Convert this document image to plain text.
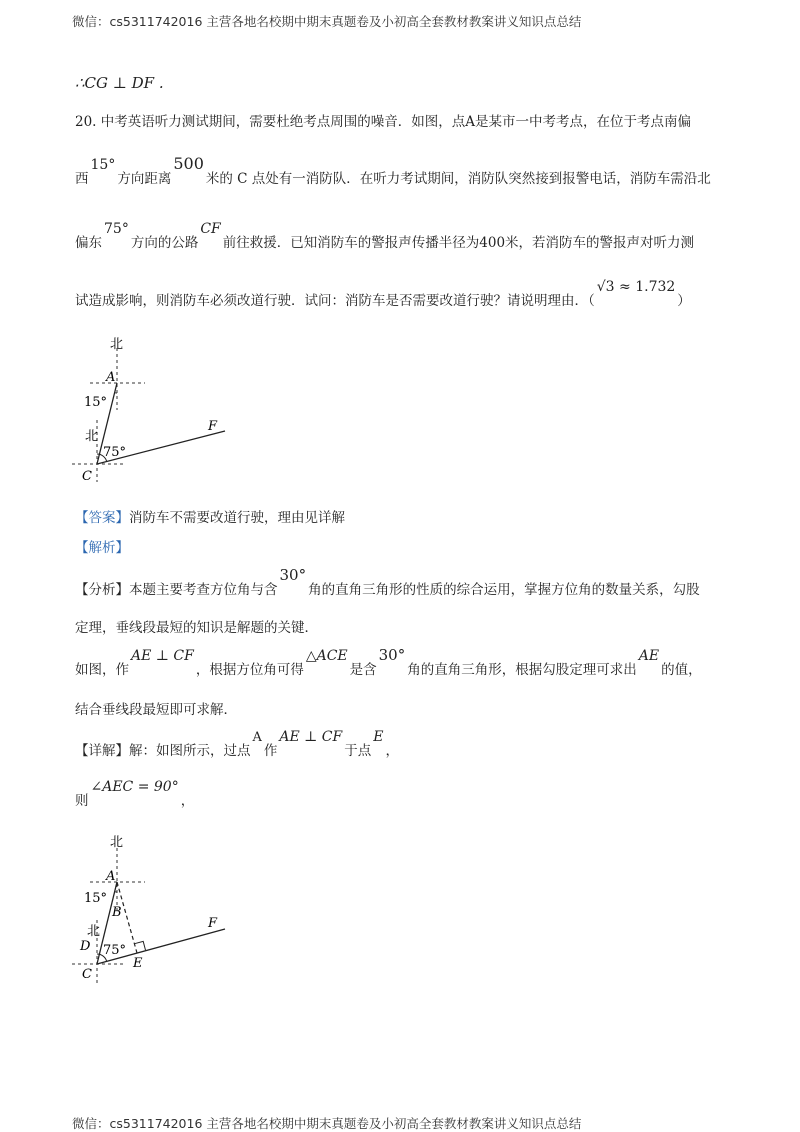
微信：cs5311742016 主营各地名校期中期末真题卷及小初高全套教材教案讲义知识点总结
∴CG ⊥ DF .
20. 中考英语听力测试期间，需要杜绝考点周围的噪音．如图，点A是某市一中考考点，在位于考点南偏
西15°方向距离500米的 C 点处有一消防队．在听力考试期间，消防队突然接到报警电话，消防车需沿北
偏东75°方向的公路CF前往救援．已知消防车的警报声传播半径为400米，若消防车的警报声对听力测
试造成影响，则消防车必须改道行驶．试问：消防车是否需要改道行驶？请说明理由．（√3 ≈ 1.732）
北
A
15°
北
75°
C
F
【答案】消防车不需要改道行驶，理由见详解
【解析】
【分析】本题主要考查方位角与含30°角的直角三角形的性质的综合运用，掌握方位角的数量关系，勾股
定理，垂线段最短的知识是解题的关键．
如图，作AE ⊥ CF，根据方位角可得△ACE是含30°角的直角三角形，根据勾股定理可求出AE的值，
结合垂线段最短即可求解．
【详解】解：如图所示，过点A作AE ⊥ CF于点E，
则∠AEC = 90°，
北
A
15°
B
北
D 75°
C
E
F
微信：cs5311742016 主营各地名校期中期末真题卷及小初高全套教材教案讲义知识点总结
